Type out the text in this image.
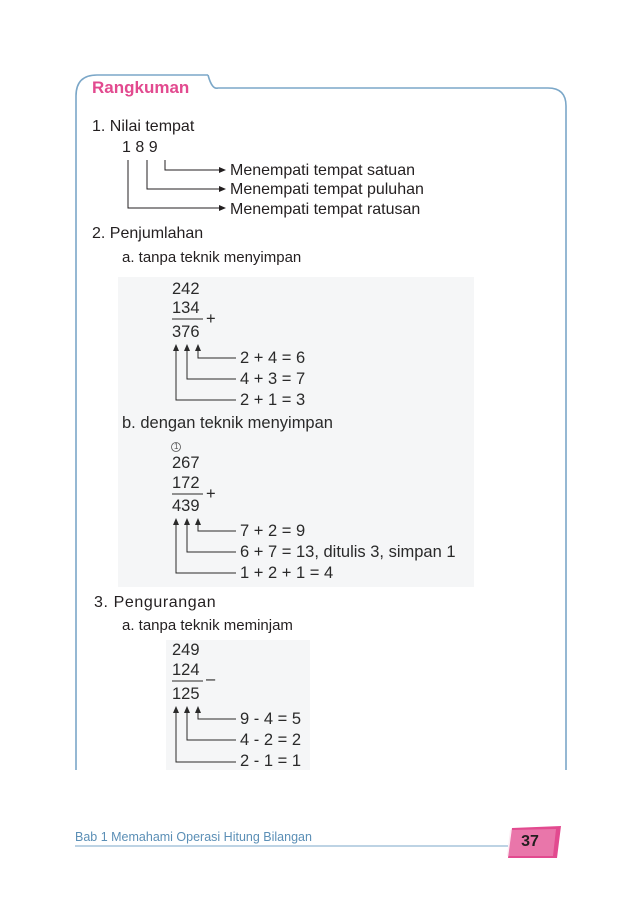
Rangkuman
1. Nilai tempat
1 8 9
Menempati tempat satuan
Menempati tempat puluhan
Menempati tempat ratusan
2. Penjumlahan
a. tanpa teknik menyimpan
242
134
+
376
2 + 4 = 6
4 + 3 = 7
2 + 1 = 3
b. dengan teknik menyimpan
1
267
172
+
439
7 + 2 = 9
6 + 7 = 13, ditulis 3, simpan 1
1 + 2 + 1 = 4
3. Pengurangan
a. tanpa teknik meminjam
249
124 –
125
9 - 4 = 5
4 - 2 = 2
2 - 1 = 1
Bab 1 Memahami Operasi Hitung Bilangan	37
